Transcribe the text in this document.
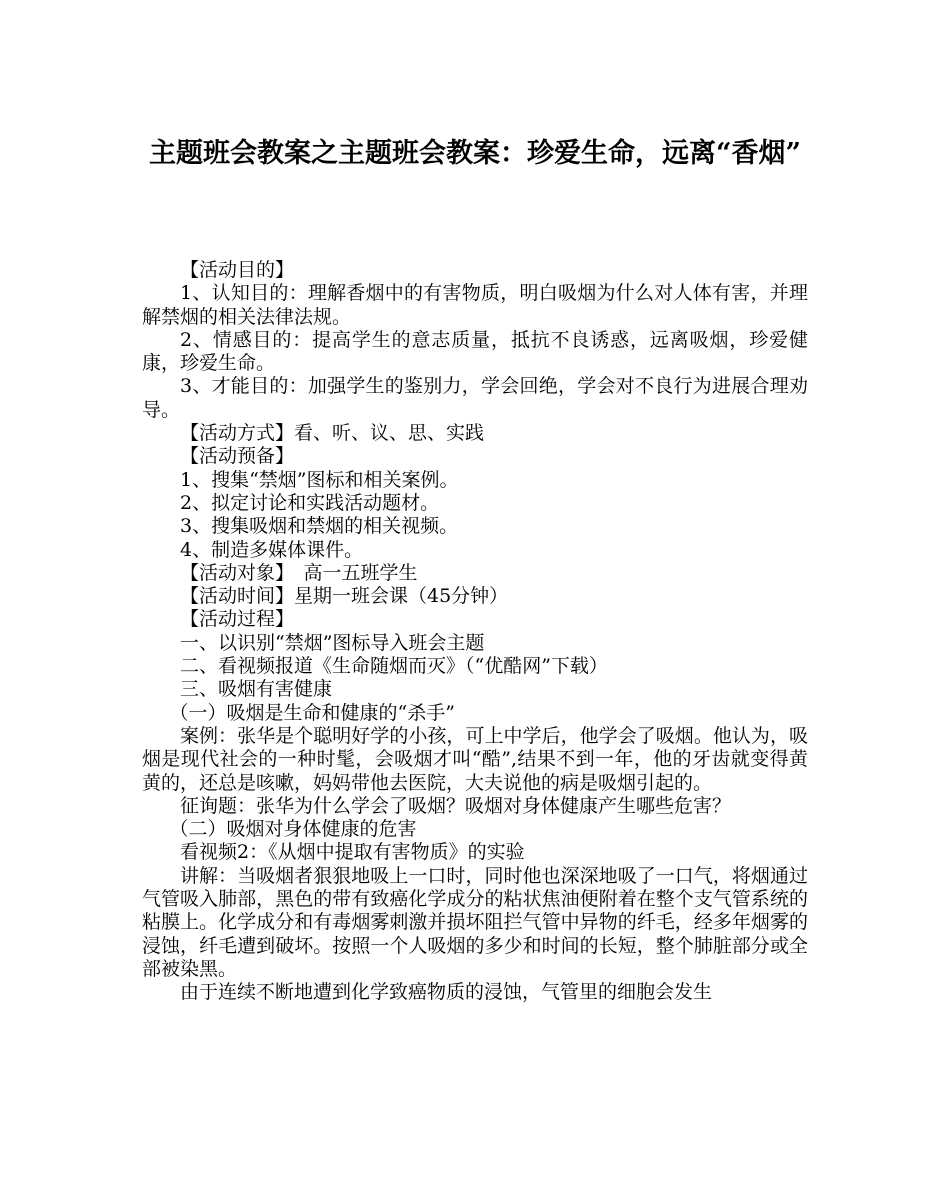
主题班会教案之主题班会教案：珍爱生命，远离“香烟”

【活动目的】

1、认知目的：理解香烟中的有害物质，明白吸烟为什么对人体有害，并理解禁烟的相关法律法规。

2、情感目的：提高学生的意志质量，抵抗不良诱惑，远离吸烟，珍爱健康，珍爱生命。

3、才能目的：加强学生的鉴别力，学会回绝，学会对不良行为进展合理劝导。

【活动方式】看、听、议、思、实践

【活动预备】

1、搜集“禁烟”图标和相关案例。

2、拟定讨论和实践活动题材。

3、搜集吸烟和禁烟的相关视频。

4、制造多媒体课件。

【活动对象】　高一五班学生

【活动时间】星期一班会课（45分钟）

【活动过程】

一、以识别“禁烟”图标导入班会主题

二、看视频报道《生命随烟而灭》（“优酷网”下载）

三、吸烟有害健康

（一）吸烟是生命和健康的“杀手”

案例：张华是个聪明好学的小孩，可上中学后，他学会了吸烟。他认为，吸烟是现代社会的一种时髦，会吸烟才叫“酷”,结果不到一年，他的牙齿就变得黄黄的，还总是咳嗽，妈妈带他去医院，大夫说他的病是吸烟引起的。

征询题：张华为什么学会了吸烟？吸烟对身体健康产生哪些危害？

（二）吸烟对身体健康的危害

看视频2：《从烟中提取有害物质》的实验

讲解：当吸烟者狠狠地吸上一口时，同时他也深深地吸了一口气，将烟通过气管吸入肺部，黑色的带有致癌化学成分的粘状焦油便附着在整个支气管系统的粘膜上。化学成分和有毒烟雾刺激并损坏阻拦气管中异物的纤毛，经多年烟雾的浸蚀，纤毛遭到破坏。按照一个人吸烟的多少和时间的长短，整个肺脏部分或全部被染黑。

由于连续不断地遭到化学致癌物质的浸蚀，气管里的细胞会发生
